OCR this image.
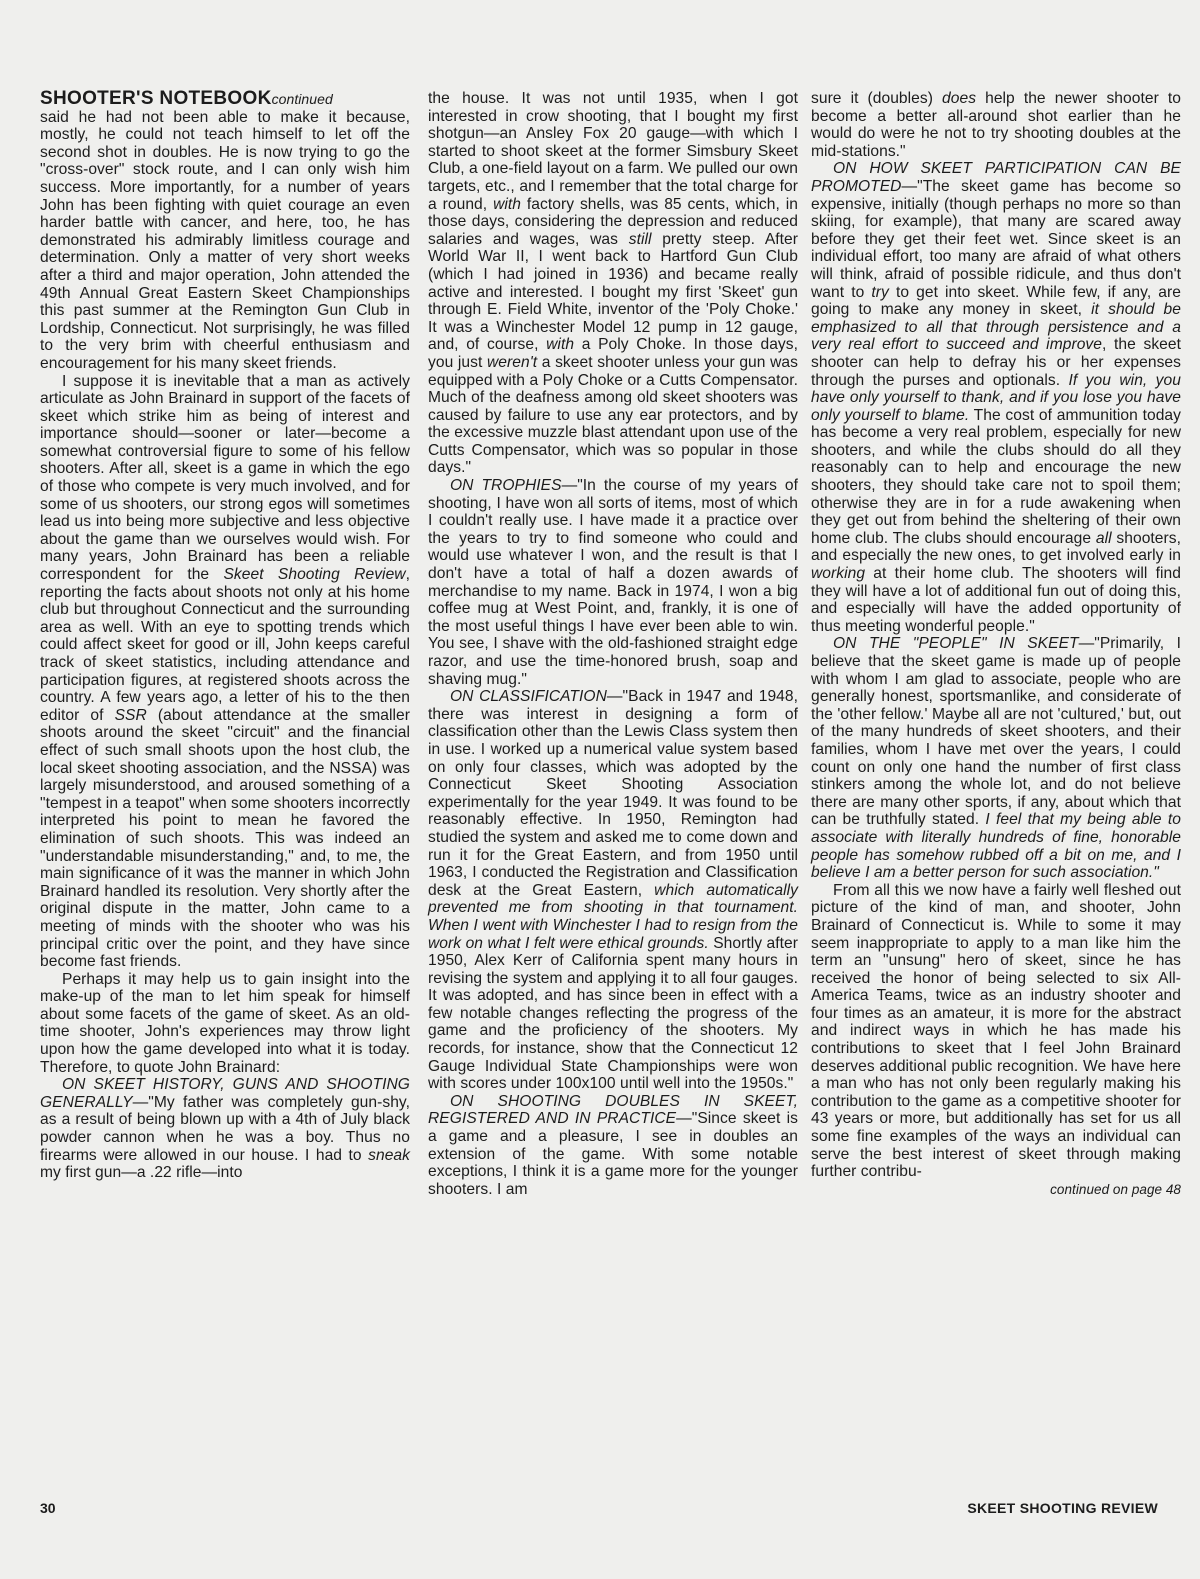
SHOOTER'S NOTEBOOKcontinued

said he had not been able to make it because, mostly, he could not teach himself to let off the second shot in doubles. He is now trying to go the "cross-over" stock route, and I can only wish him success. More importantly, for a number of years John has been fighting with quiet courage an even harder battle with cancer, and here, too, he has demonstrated his admirably limitless courage and determination. Only a matter of very short weeks after a third and major operation, John attended the 49th Annual Great Eastern Skeet Championships this past summer at the Remington Gun Club in Lordship, Connecticut. Not surprisingly, he was filled to the very brim with cheerful enthusiasm and encouragement for his many skeet friends.

I suppose it is inevitable that a man as actively articulate as John Brainard in support of the facets of skeet which strike him as being of interest and importance should—sooner or later—become a somewhat controversial figure to some of his fellow shooters. After all, skeet is a game in which the ego of those who compete is very much involved, and for some of us shooters, our strong egos will sometimes lead us into being more subjective and less objective about the game than we ourselves would wish. For many years, John Brainard has been a reliable correspondent for the Skeet Shooting Review, reporting the facts about shoots not only at his home club but throughout Connecticut and the surrounding area as well. With an eye to spotting trends which could affect skeet for good or ill, John keeps careful track of skeet statistics, including attendance and participation figures, at registered shoots across the country. A few years ago, a letter of his to the then editor of SSR (about attendance at the smaller shoots around the skeet "circuit" and the financial effect of such small shoots upon the host club, the local skeet shooting association, and the NSSA) was largely misunderstood, and aroused something of a "tempest in a teapot" when some shooters incorrectly interpreted his point to mean he favored the elimination of such shoots. This was indeed an "understandable misunderstanding," and, to me, the main significance of it was the manner in which John Brainard handled its resolution. Very shortly after the original dispute in the matter, John came to a meeting of minds with the shooter who was his principal critic over the point, and they have since become fast friends.

Perhaps it may help us to gain insight into the make-up of the man to let him speak for himself about some facets of the game of skeet. As an old-time shooter, John's experiences may throw light upon how the game developed into what it is today. Therefore, to quote John Brainard:

ON SKEET HISTORY, GUNS AND SHOOTING GENERALLY—"My father was completely gun-shy, as a result of being blown up with a 4th of July black powder cannon when he was a boy. Thus no firearms were allowed in our house. I had to sneak my first gun—a .22 rifle—into

the house. It was not until 1935, when I got interested in crow shooting, that I bought my first shotgun—an Ansley Fox 20 gauge—with which I started to shoot skeet at the former Simsbury Skeet Club, a one-field layout on a farm. We pulled our own targets, etc., and I remember that the total charge for a round, with factory shells, was 85 cents, which, in those days, considering the depression and reduced salaries and wages, was still pretty steep. After World War II, I went back to Hartford Gun Club (which I had joined in 1936) and became really active and interested. I bought my first 'Skeet' gun through E. Field White, inventor of the 'Poly Choke.' It was a Winchester Model 12 pump in 12 gauge, and, of course, with a Poly Choke. In those days, you just weren't a skeet shooter unless your gun was equipped with a Poly Choke or a Cutts Compensator. Much of the deafness among old skeet shooters was caused by failure to use any ear protectors, and by the excessive muzzle blast attendant upon use of the Cutts Compensator, which was so popular in those days."

ON TROPHIES—"In the course of my years of shooting, I have won all sorts of items, most of which I couldn't really use. I have made it a practice over the years to try to find someone who could and would use whatever I won, and the result is that I don't have a total of half a dozen awards of merchandise to my name. Back in 1974, I won a big coffee mug at West Point, and, frankly, it is one of the most useful things I have ever been able to win. You see, I shave with the old-fashioned straight edge razor, and use the time-honored brush, soap and shaving mug."

ON CLASSIFICATION—"Back in 1947 and 1948, there was interest in designing a form of classification other than the Lewis Class system then in use. I worked up a numerical value system based on only four classes, which was adopted by the Connecticut Skeet Shooting Association experimentally for the year 1949. It was found to be reasonably effective. In 1950, Remington had studied the system and asked me to come down and run it for the Great Eastern, and from 1950 until 1963, I conducted the Registration and Classification desk at the Great Eastern, which automatically prevented me from shooting in that tournament. When I went with Winchester I had to resign from the work on what I felt were ethical grounds. Shortly after 1950, Alex Kerr of California spent many hours in revising the system and applying it to all four gauges. It was adopted, and has since been in effect with a few notable changes reflecting the progress of the game and the proficiency of the shooters. My records, for instance, show that the Connecticut 12 Gauge Individual State Championships were won with scores under 100x100 until well into the 1950s."

ON SHOOTING DOUBLES IN SKEET, REGISTERED AND IN PRACTICE—"Since skeet is a game and a pleasure, I see in doubles an extension of the game. With some notable exceptions, I think it is a game more for the younger shooters. I am

sure it (doubles) does help the newer shooter to become a better all-around shot earlier than he would do were he not to try shooting doubles at the mid-stations."

ON HOW SKEET PARTICIPATION CAN BE PROMOTED—"The skeet game has become so expensive, initially (though perhaps no more so than skiing, for example), that many are scared away before they get their feet wet. Since skeet is an individual effort, too many are afraid of what others will think, afraid of possible ridicule, and thus don't want to try to get into skeet. While few, if any, are going to make any money in skeet, it should be emphasized to all that through persistence and a very real effort to succeed and improve, the skeet shooter can help to defray his or her expenses through the purses and optionals. If you win, you have only yourself to thank, and if you lose you have only yourself to blame. The cost of ammunition today has become a very real problem, especially for new shooters, and while the clubs should do all they reasonably can to help and encourage the new shooters, they should take care not to spoil them; otherwise they are in for a rude awakening when they get out from behind the sheltering of their own home club. The clubs should encourage all shooters, and especially the new ones, to get involved early in working at their home club. The shooters will find they will have a lot of additional fun out of doing this, and especially will have the added opportunity of thus meeting wonderful people."

ON THE "PEOPLE" IN SKEET—"Primarily, I believe that the skeet game is made up of people with whom I am glad to associate, people who are generally honest, sportsmanlike, and considerate of the 'other fellow.' Maybe all are not 'cultured,' but, out of the many hundreds of skeet shooters, and their families, whom I have met over the years, I could count on only one hand the number of first class stinkers among the whole lot, and do not believe there are many other sports, if any, about which that can be truthfully stated. I feel that my being able to associate with literally hundreds of fine, honorable people has somehow rubbed off a bit on me, and I believe I am a better person for such association."

From all this we now have a fairly well fleshed out picture of the kind of man, and shooter, John Brainard of Connecticut is. While to some it may seem inappropriate to apply to a man like him the term an "unsung" hero of skeet, since he has received the honor of being selected to six All-America Teams, twice as an industry shooter and four times as an amateur, it is more for the abstract and indirect ways in which he has made his contributions to skeet that I feel John Brainard deserves additional public recognition. We have here a man who has not only been regularly making his contribution to the game as a competitive shooter for 43 years or more, but additionally has set for us all some fine examples of the ways an individual can serve the best interest of skeet through making further contribu-

continued on page 48

30	SKEET SHOOTING REVIEW
